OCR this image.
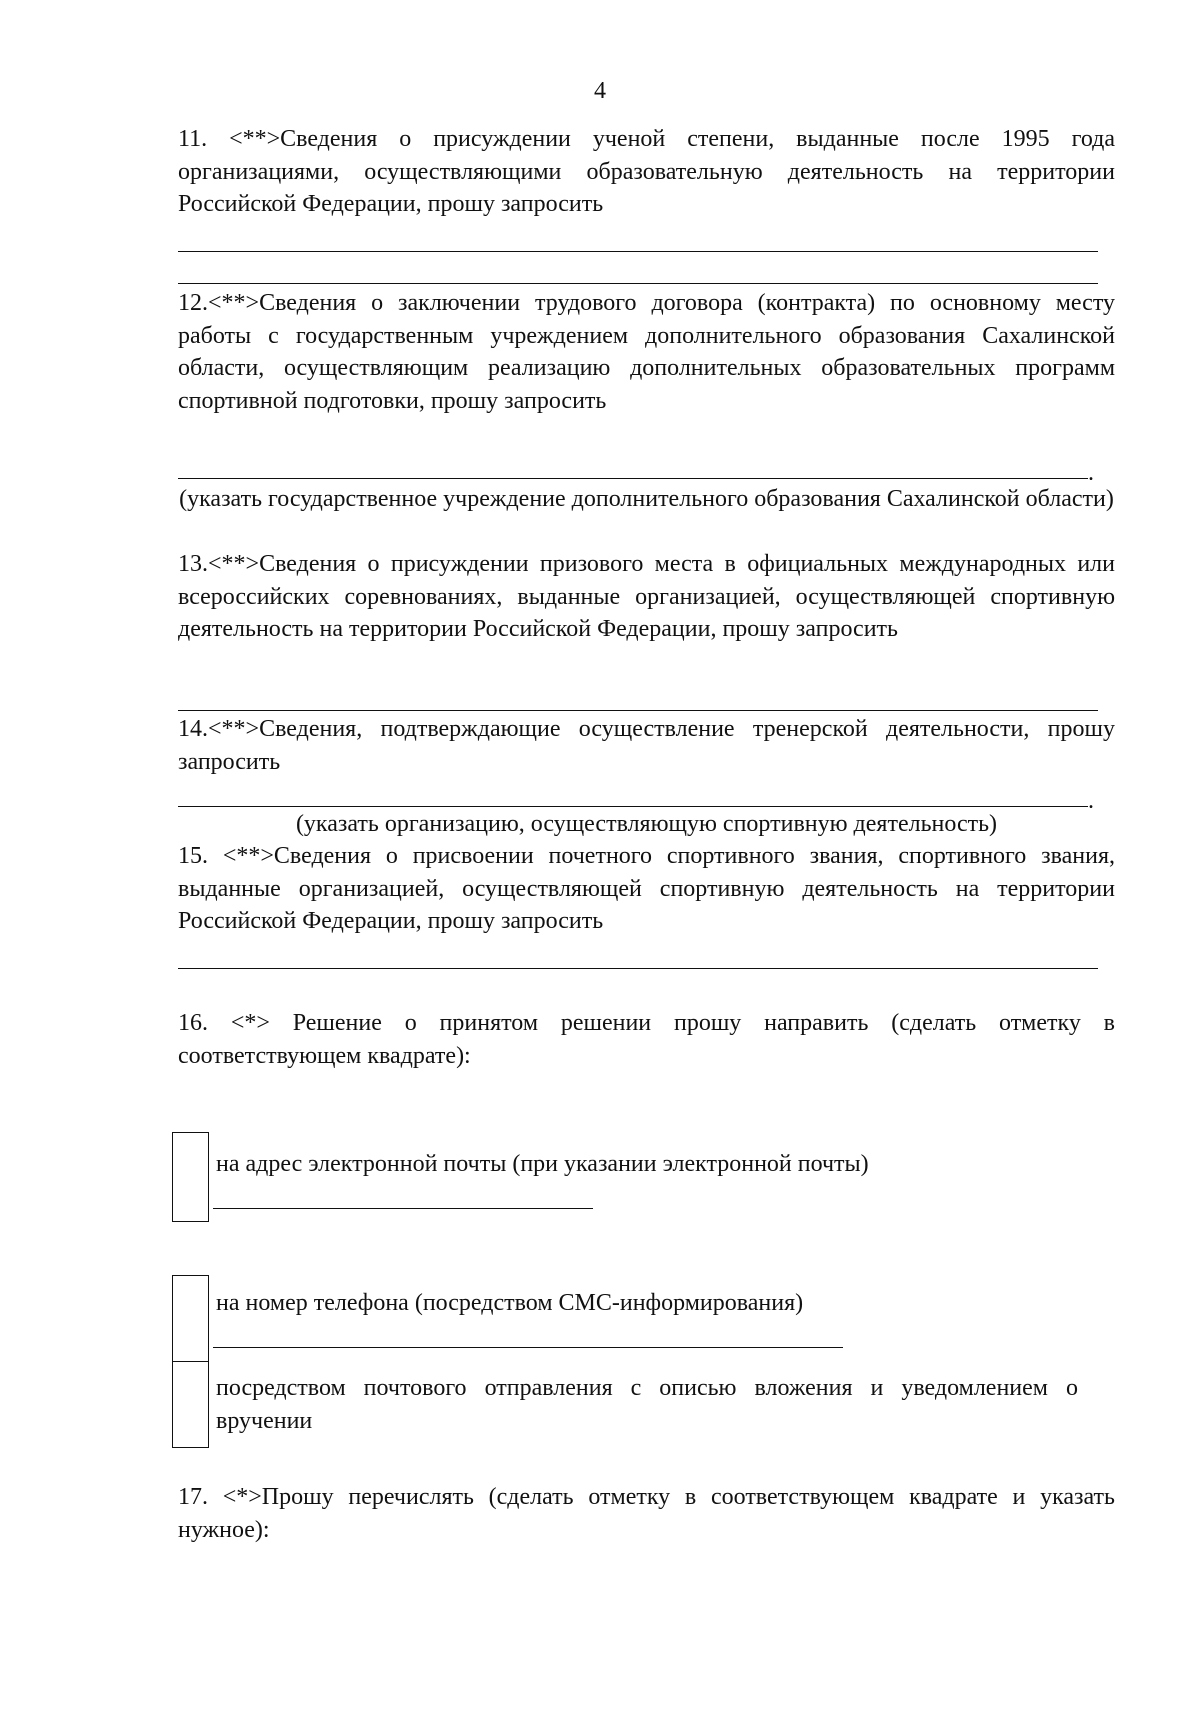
4
11. <**>Сведения о присуждении ученой степени, выданные после 1995 года организациями, осуществляющими образовательную деятельность на территории Российской Федерации, прошу запросить
12.<**>Сведения о заключении трудового договора (контракта) по основному месту работы с государственным учреждением дополнительного образования Сахалинской области, осуществляющим реализацию дополнительных образовательных программ спортивной подготовки, прошу запросить
.
(указать государственное учреждение дополнительного образования Сахалинской области)
13.<**>Сведения о присуждении призового места в официальных международных или всероссийских соревнованиях, выданные организацией, осуществляющей спортивную деятельность на территории Российской Федерации, прошу запросить
14.<**>Сведения, подтверждающие осуществление тренерской деятельности, прошу запросить
.
(указать организацию, осуществляющую спортивную деятельность)
15. <**>Сведения о присвоении почетного спортивного звания, спортивного звания, выданные организацией, осуществляющей спортивную деятельность на территории Российской Федерации, прошу запросить
16. <*> Решение о принятом решении прошу направить (сделать отметку в соответствующем квадрате):
на адрес электронной почты (при указании электронной почты)
на номер телефона (посредством СМС-информирования)
посредством почтового отправления с описью вложения и уведомлением о вручении
17. <*>Прошу перечислять (сделать отметку в соответствующем квадрате и указать нужное):
